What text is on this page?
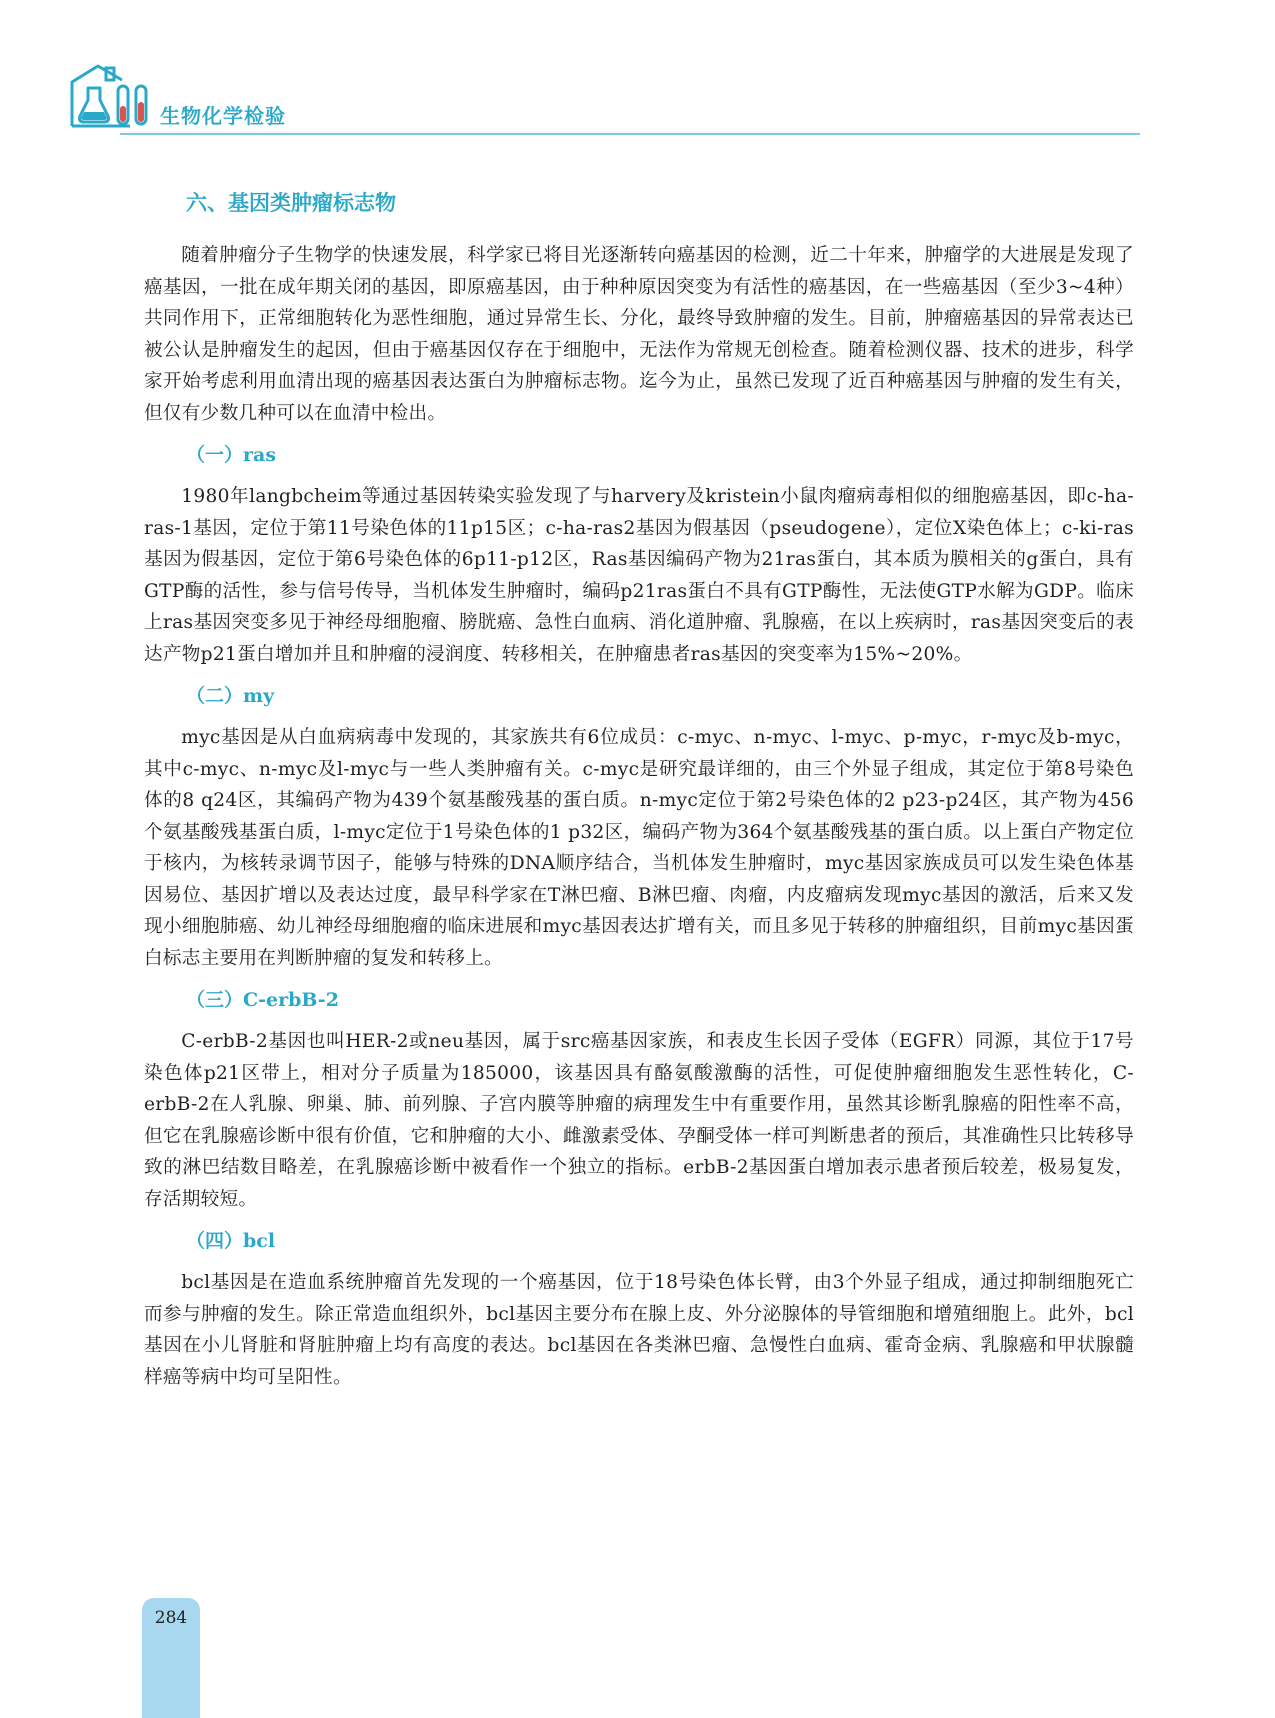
生物化学检验

六、基因类肿瘤标志物

随着肿瘤分子生物学的快速发展，科学家已将目光逐渐转向癌基因的检测，近二十年来，肿瘤学的大进展是发现了癌基因，一批在成年期关闭的基因，即原癌基因，由于种种原因突变为有活性的癌基因，在一些癌基因（至少3~4种）共同作用下，正常细胞转化为恶性细胞，通过异常生长、分化，最终导致肿瘤的发生。目前，肿瘤癌基因的异常表达已被公认是肿瘤发生的起因，但由于癌基因仅存在于细胞中，无法作为常规无创检查。随着检测仪器、技术的进步，科学家开始考虑利用血清出现的癌基因表达蛋白为肿瘤标志物。迄今为止，虽然已发现了近百种癌基因与肿瘤的发生有关，但仅有少数几种可以在血清中检出。

（一）ras

1980年langbcheim等通过基因转染实验发现了与harvery及kristein小鼠肉瘤病毒相似的细胞癌基因，即c-ha-ras-1基因，定位于第11号染色体的11p15区；c-ha-ras2基因为假基因（pseudogene），定位X染色体上；c-ki-ras基因为假基因，定位于第6号染色体的6p11-p12区，Ras基因编码产物为21ras蛋白，其本质为膜相关的g蛋白，具有GTP酶的活性，参与信号传导，当机体发生肿瘤时，编码p21ras蛋白不具有GTP酶性，无法使GTP水解为GDP。临床上ras基因突变多见于神经母细胞瘤、膀胱癌、急性白血病、消化道肿瘤、乳腺癌，在以上疾病时，ras基因突变后的表达产物p21蛋白增加并且和肿瘤的浸润度、转移相关，在肿瘤患者ras基因的突变率为15%~20%。

（二）my

myc基因是从白血病病毒中发现的，其家族共有6位成员：c-myc、n-myc、l-myc、p-myc，r-myc及b-myc，其中c-myc、n-myc及l-myc与一些人类肿瘤有关。c-myc是研究最详细的，由三个外显子组成，其定位于第8号染色体的8 q24区，其编码产物为439个氨基酸残基的蛋白质。n-myc定位于第2号染色体的2 p23-p24区，其产物为456个氨基酸残基蛋白质，l-myc定位于1号染色体的1 p32区，编码产物为364个氨基酸残基的蛋白质。以上蛋白产物定位于核内，为核转录调节因子，能够与特殊的DNA顺序结合，当机体发生肿瘤时，myc基因家族成员可以发生染色体基因易位、基因扩增以及表达过度，最早科学家在T淋巴瘤、B淋巴瘤、肉瘤，内皮瘤病发现myc基因的激活，后来又发现小细胞肺癌、幼儿神经母细胞瘤的临床进展和myc基因表达扩增有关，而且多见于转移的肿瘤组织，目前myc基因蛋白标志主要用在判断肿瘤的复发和转移上。

（三）C-erbB-2

C-erbB-2基因也叫HER-2或neu基因，属于src癌基因家族，和表皮生长因子受体（EGFR）同源，其位于17号染色体p21区带上，相对分子质量为185000，该基因具有酪氨酸激酶的活性，可促使肿瘤细胞发生恶性转化，C-erbB-2在人乳腺、卵巢、肺、前列腺、子宫内膜等肿瘤的病理发生中有重要作用，虽然其诊断乳腺癌的阳性率不高，但它在乳腺癌诊断中很有价值，它和肿瘤的大小、雌激素受体、孕酮受体一样可判断患者的预后，其准确性只比转移导致的淋巴结数目略差，在乳腺癌诊断中被看作一个独立的指标。erbB-2基因蛋白增加表示患者预后较差，极易复发，存活期较短。

（四）bcl

bcl基因是在造血系统肿瘤首先发现的一个癌基因，位于18号染色体长臂，由3个外显子组成，通过抑制细胞死亡而参与肿瘤的发生。除正常造血组织外，bcl基因主要分布在腺上皮、外分泌腺体的导管细胞和增殖细胞上。此外，bcl基因在小儿肾脏和肾脏肿瘤上均有高度的表达。bcl基因在各类淋巴瘤、急慢性白血病、霍奇金病、乳腺癌和甲状腺髓样癌等病中均可呈阳性。

284
